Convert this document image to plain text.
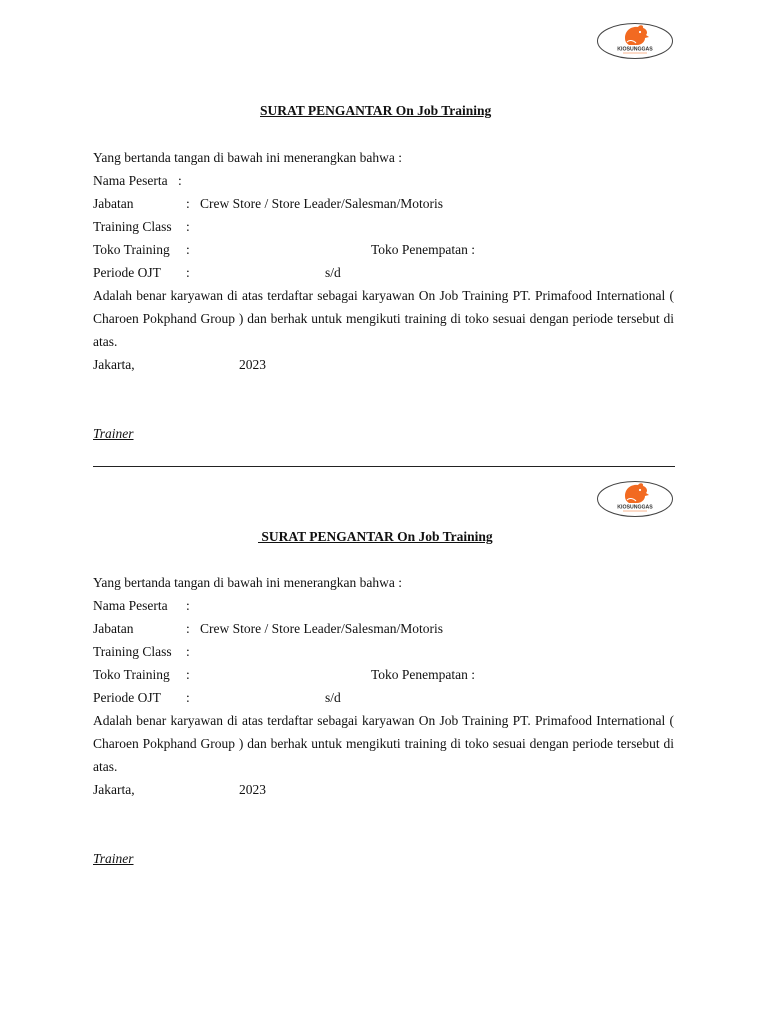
KIOSUNGGAS
SURAT PENGANTAR On Job Training
Yang bertanda tangan di bawah ini menerangkan bahwa :
Nama Peserta :
Jabatan	: Crew Store / Store Leader/Salesman/Motoris
Training Class :
Toko Training :	Toko Penempatan :
Periode OJT :	s/d
Adalah benar karyawan di atas terdaftar sebagai karyawan On Job Training PT. Primafood International ( Charoen Pokphand Group ) dan berhak untuk mengikuti training di toko sesuai dengan periode tersebut di atas.
Jakarta,	2023
Trainer
KIOSUNGGAS
SURAT PENGANTAR On Job Training
Yang bertanda tangan di bawah ini menerangkan bahwa :
Nama Peserta :
Jabatan	: Crew Store / Store Leader/Salesman/Motoris
Training Class :
Toko Training :	Toko Penempatan :
Periode OJT :	s/d
Adalah benar karyawan di atas terdaftar sebagai karyawan On Job Training PT. Primafood International ( Charoen Pokphand Group ) dan berhak untuk mengikuti training di toko sesuai dengan periode tersebut di atas.
Jakarta,	2023
Trainer
